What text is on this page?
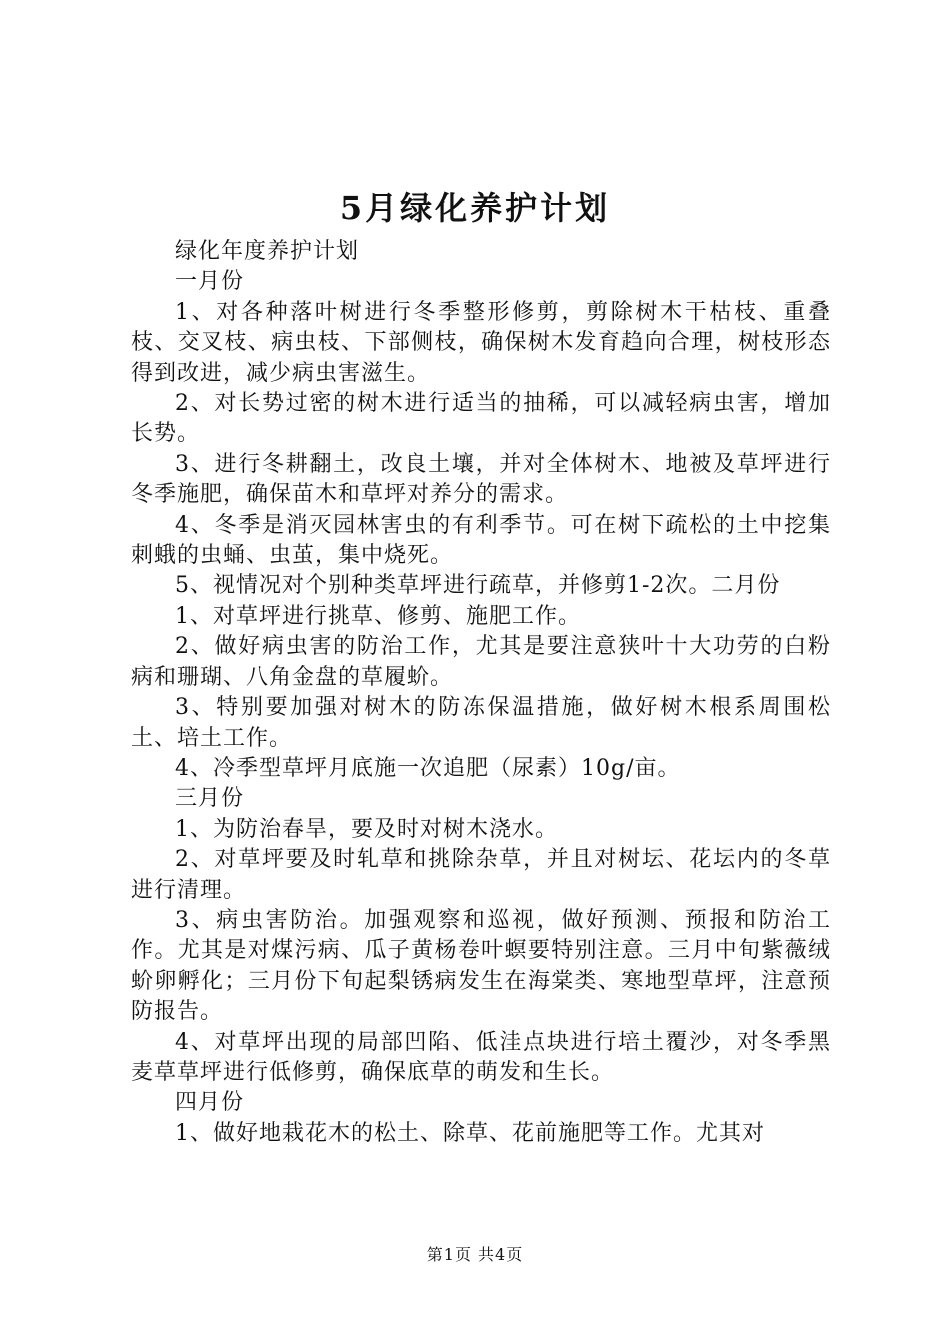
5月绿化养护计划

绿化年度养护计划

一月份

1、对各种落叶树进行冬季整形修剪，剪除树木干枯枝、重叠枝、交叉枝、病虫枝、下部侧枝，确保树木发育趋向合理，树枝形态得到改进，减少病虫害滋生。

2、对长势过密的树木进行适当的抽稀，可以减轻病虫害，增加长势。

3、进行冬耕翻土，改良土壤，并对全体树木、地被及草坪进行冬季施肥，确保苗木和草坪对养分的需求。

4、冬季是消灭园林害虫的有利季节。可在树下疏松的土中挖集刺蛾的虫蛹、虫茧，集中烧死。

5、视情况对个别种类草坪进行疏草，并修剪1-2次。二月份

1、对草坪进行挑草、修剪、施肥工作。

2、做好病虫害的防治工作，尤其是要注意狭叶十大功劳的白粉病和珊瑚、八角金盘的草履蚧。

3、特别要加强对树木的防冻保温措施，做好树木根系周围松土、培土工作。

4、冷季型草坪月底施一次追肥（尿素）10g/亩。

三月份

1、为防治春旱，要及时对树木浇水。

2、对草坪要及时轧草和挑除杂草，并且对树坛、花坛内的冬草进行清理。

3、病虫害防治。加强观察和巡视，做好预测、预报和防治工作。尤其是对煤污病、瓜子黄杨卷叶螟要特别注意。三月中旬紫薇绒蚧卵孵化；三月份下旬起梨锈病发生在海棠类、寒地型草坪，注意预防报告。

4、对草坪出现的局部凹陷、低洼点块进行培土覆沙，对冬季黑麦草草坪进行低修剪，确保底草的萌发和生长。

四月份

1、做好地栽花木的松土、除草、花前施肥等工作。尤其对

第1页 共4页
